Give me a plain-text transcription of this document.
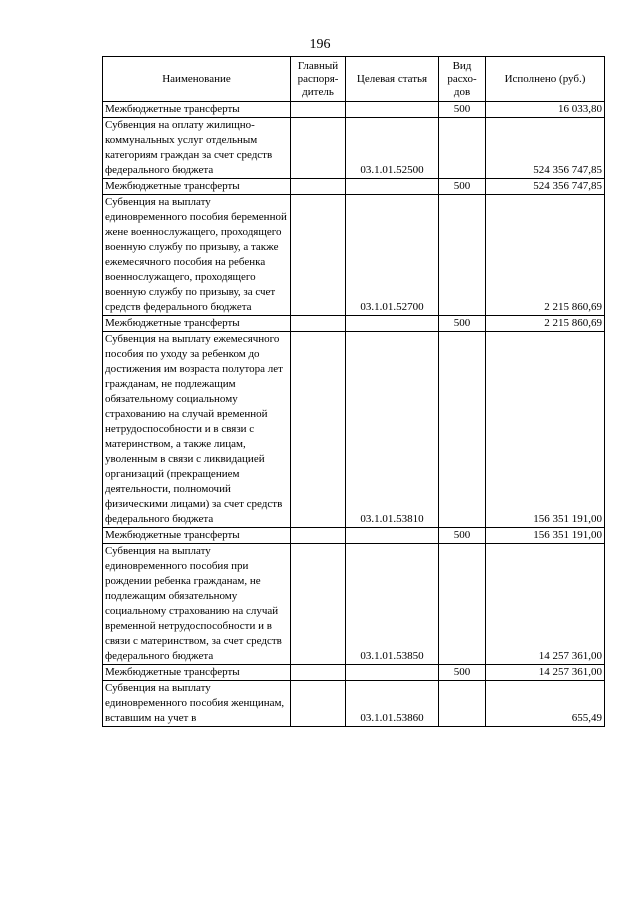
196
Наименование	Главный распоря-дитель	Целевая статья	Вид расхо-дов	Исполнено (руб.)
Межбюджетные трансферты			500	16 033,80
Субвенция на оплату жилищно-коммунальных услуг отдельным категориям граждан за счет средств федерального бюджета		03.1.01.52500		524 356 747,85
Межбюджетные трансферты			500	524 356 747,85
Субвенция на выплату единовременного пособия беременной жене военнослужащего, проходящего военную службу по призыву, а также ежемесячного пособия на ребенка военнослужащего, проходящего военную службу по призыву, за счет средств федерального бюджета		03.1.01.52700		2 215 860,69
Межбюджетные трансферты			500	2 215 860,69
Субвенция на выплату ежемесячного пособия по уходу за ребенком до достижения им возраста полутора лет гражданам, не подлежащим обязательному социальному страхованию на случай временной нетрудоспособности и в связи с материнством, а также лицам, уволенным в связи с ликвидацией организаций (прекращением деятельности, полномочий физическими лицами) за счет средств федерального бюджета		03.1.01.53810		156 351 191,00
Межбюджетные трансферты			500	156 351 191,00
Субвенция на выплату единовременного пособия при рождении ребенка гражданам, не подлежащим обязательному социальному страхованию на случай временной нетрудоспособности и в связи с материнством, за счет средств федерального бюджета		03.1.01.53850		14 257 361,00
Межбюджетные трансферты			500	14 257 361,00
Субвенция на выплату единовременного пособия женщинам, вставшим на учет в		03.1.01.53860		655,49
